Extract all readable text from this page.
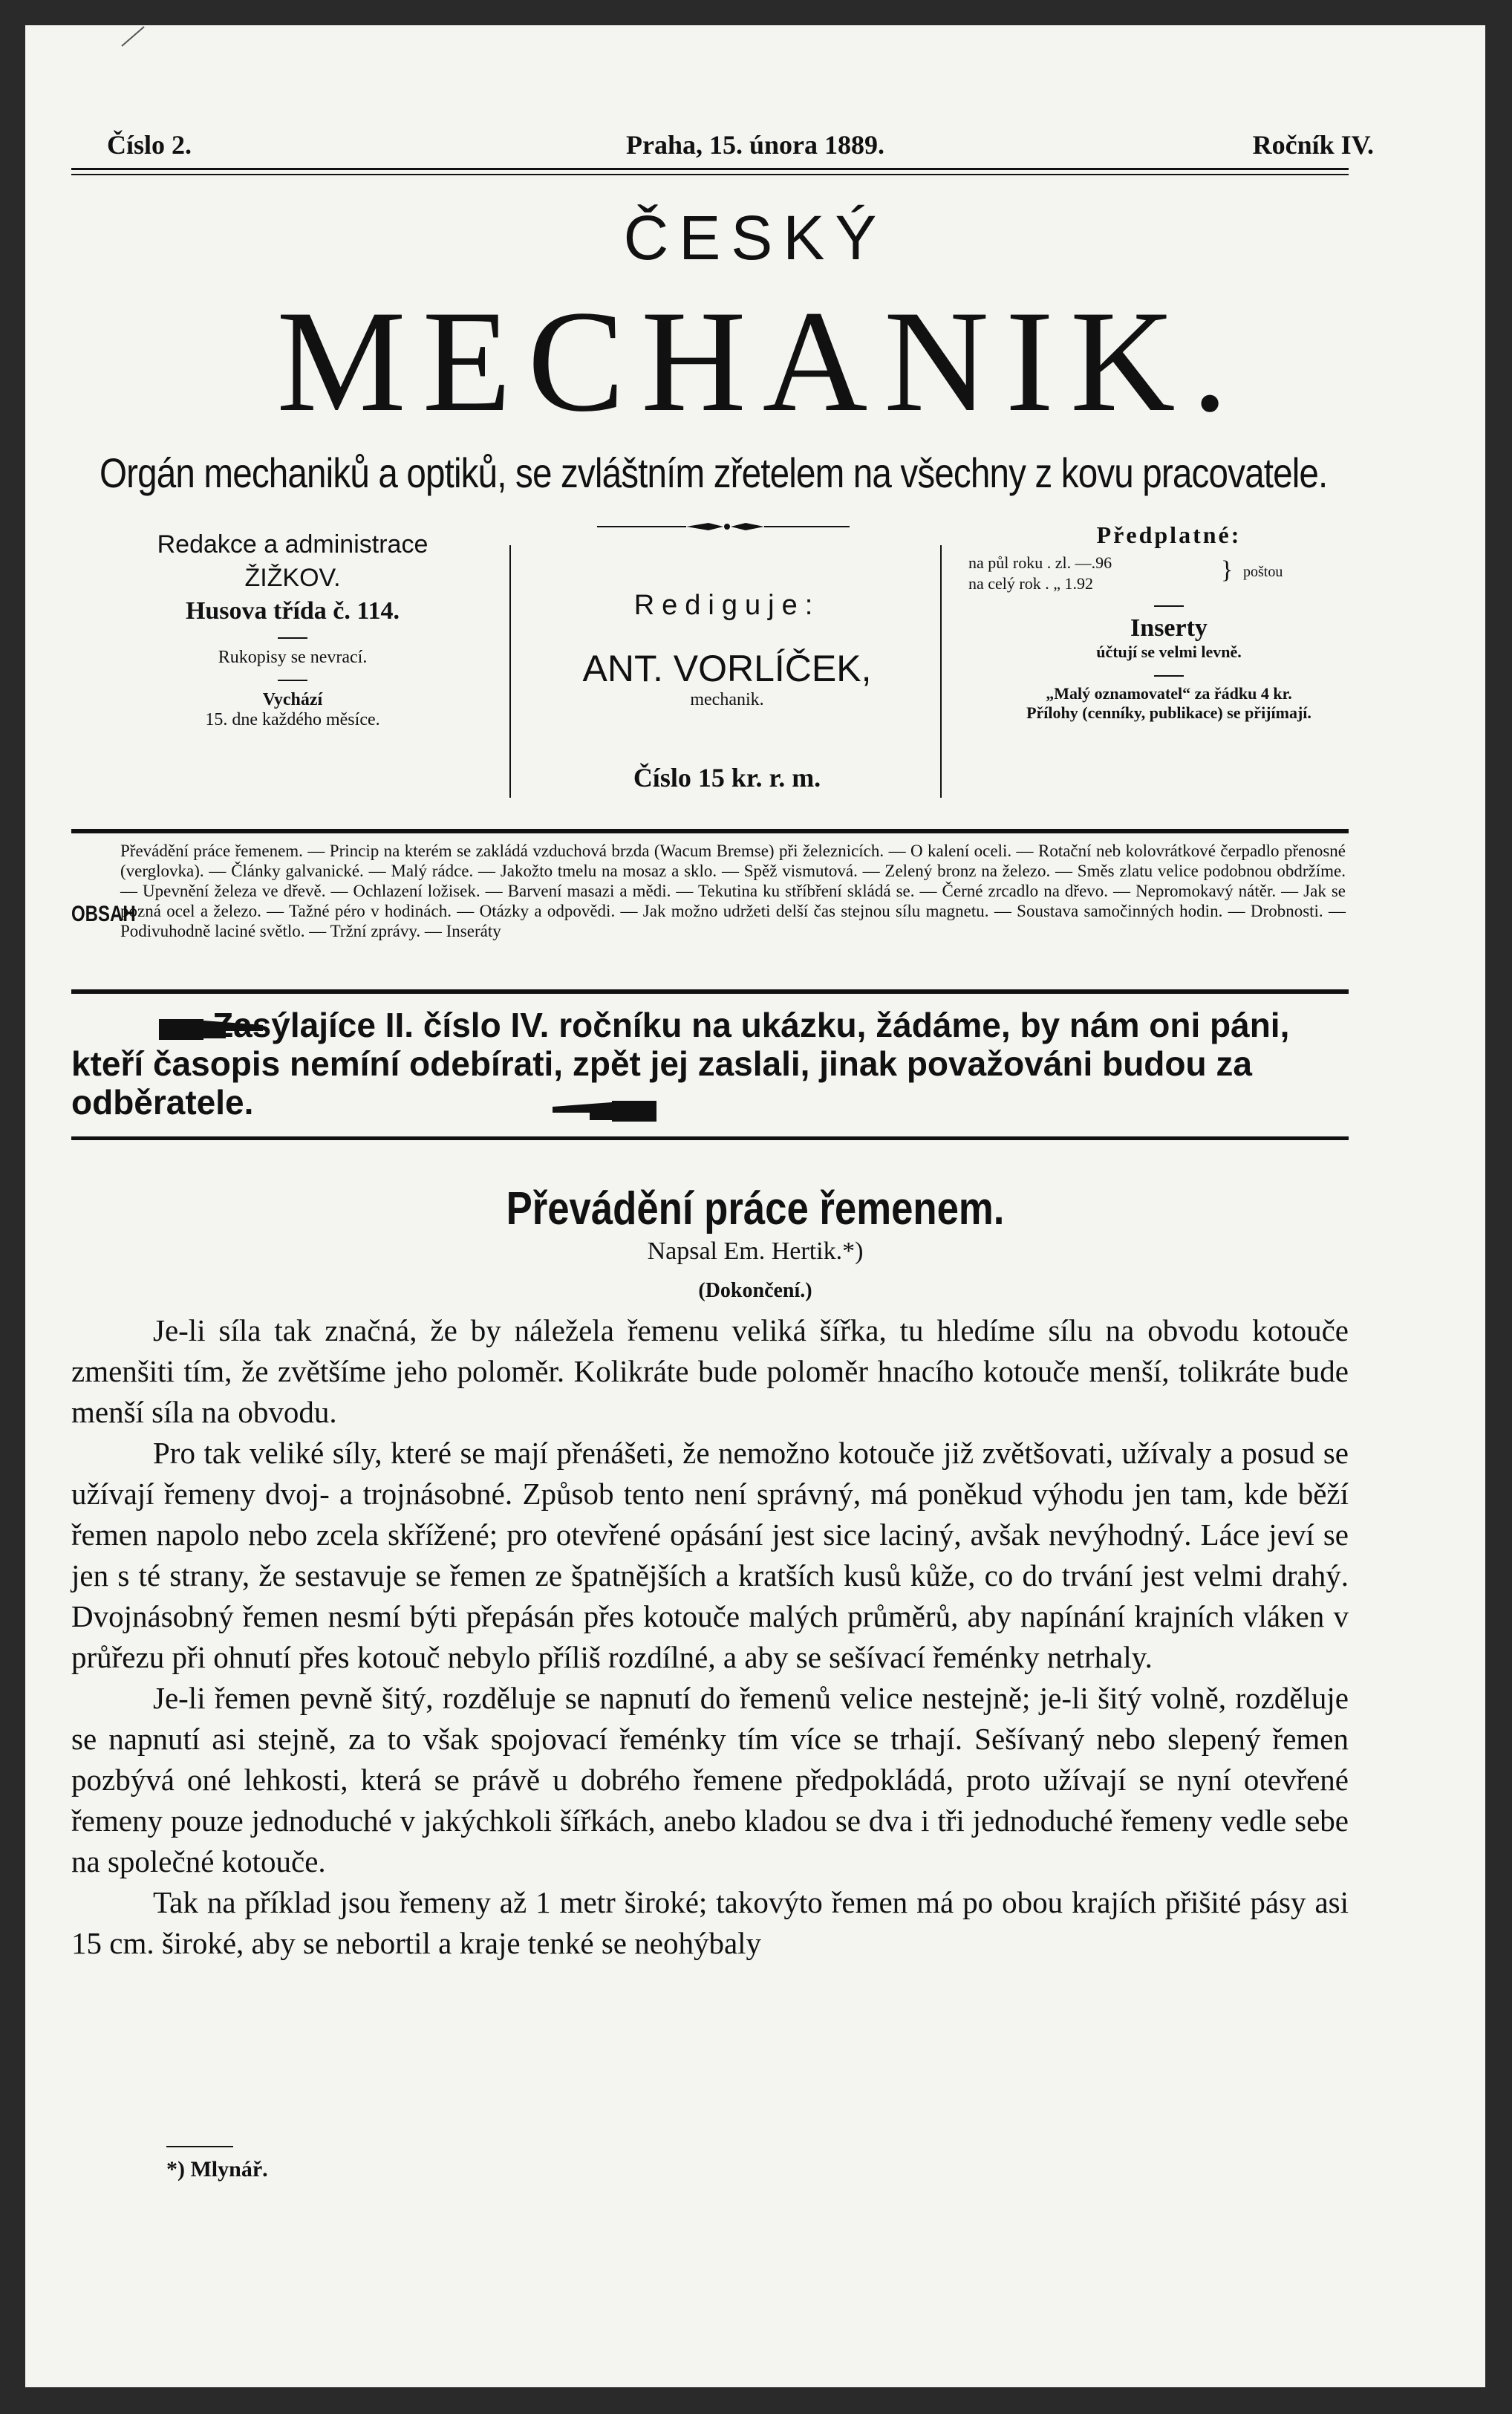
Číslo 2.	Praha, 15. února 1889.	Ročník IV.
ČESKÝ
MECHANIK.
Orgán mechaniků a optiků, se zvláštním zřetelem na všechny z kovu pracovatele.
Redakce a administrace
ŽIŽKOV.
Husova třída č. 114.
Rukopisy se nevrací.
Vychází
15. dne každého měsíce.
Rediguje:
ANT. VORLÍČEK,
mechanik.
Číslo 15 kr. r. m.
Předplatné:
na půl roku . zl. —.96
na celý rok . „ 1.92	} poštou
Inserty
účtují se velmi levně.
„Malý oznamovatel“ za řádku 4 kr.
Přílohy (cenníky, publikace) se přijímají.
OBSAH
Převádění práce řemenem. — Princip na kterém se zakládá vzduchová brzda (Wacum Bremse) při železnicích. — O kalení oceli. — Rotační neb kolovrátkové čerpadlo přenosné (verglovka). — Články galvanické. — Malý rádce. — Jakožto tmelu na mosaz a sklo. — Spěž vismutová. — Zelený bronz na železo. — Směs zlatu velice podobnou obdržíme. — Upevnění železa ve dřevě. — Ochlazení ložisek. — Barvení masazi a mědi. — Tekutina ku stříbření skládá se. — Černé zrcadlo na dřevo. — Nepromokavý nátěr. — Jak se pozná ocel a železo. — Tažné péro v hodinách. — Otázky a odpovědi. — Jak možno udržeti delší čas stejnou sílu magnetu. — Soustava samočinných hodin. — Drobnosti. — Podivuhodně laciné světlo. — Tržní zprávy. — Inseráty
Zasýlajíce II. číslo IV. ročníku na ukázku, žádáme, by nám oni páni, kteří časopis nemíní odebírati, zpět jej zaslali, jinak považováni budou za odběratele.
Převádění práce řemenem.
Napsal Em. Hertik.*)
(Dokončení.)

Je-li síla tak značná, že by náležela řemenu veliká šířka, tu hledíme sílu na obvodu kotouče zmenšiti tím, že zvětšíme jeho poloměr. Kolikráte bude poloměr hnacího kotouče menší, tolikráte bude menší síla na obvodu.

Pro tak veliké síly, které se mají přenášeti, že nemožno kotouče již zvětšovati, užívaly a posud se užívají řemeny dvoj- a trojnásobné. Způsob tento není správný, má poněkud výhodu jen tam, kde běží řemen napolo nebo zcela skřížené; pro otevřené opásání jest sice laciný, avšak nevýhodný. Láce jeví se jen s té strany, že sestavuje se řemen ze špatnějších a kratších kusů kůže, co do trvání jest velmi drahý. Dvojnásobný řemen nesmí býti přepásán přes kotouče malých průměrů, aby napínání krajních vláken v průřezu při ohnutí přes kotouč nebylo příliš rozdílné, a aby se sešívací řeménky netrhaly.

Je-li řemen pevně šitý, rozděluje se napnutí do řemenů velice nestejně; je-li šitý volně, rozděluje se napnutí asi stejně, za to však spojovací řeménky tím více se trhají. Sešívaný nebo slepený řemen pozbývá oné lehkosti, která se právě u dobrého řemene předpokládá, proto užívají se nyní otevřené řemeny pouze jednoduché v jakýchkoli šířkách, anebo kladou se dva i tři jednoduché řemeny vedle sebe na společné kotouče.

Tak na příklad jsou řemeny až 1 metr široké; takovýto řemen má po obou krajích přišité pásy asi 15 cm. široké, aby se nebortil a kraje tenké se neohýbaly

*) Mlynář.
